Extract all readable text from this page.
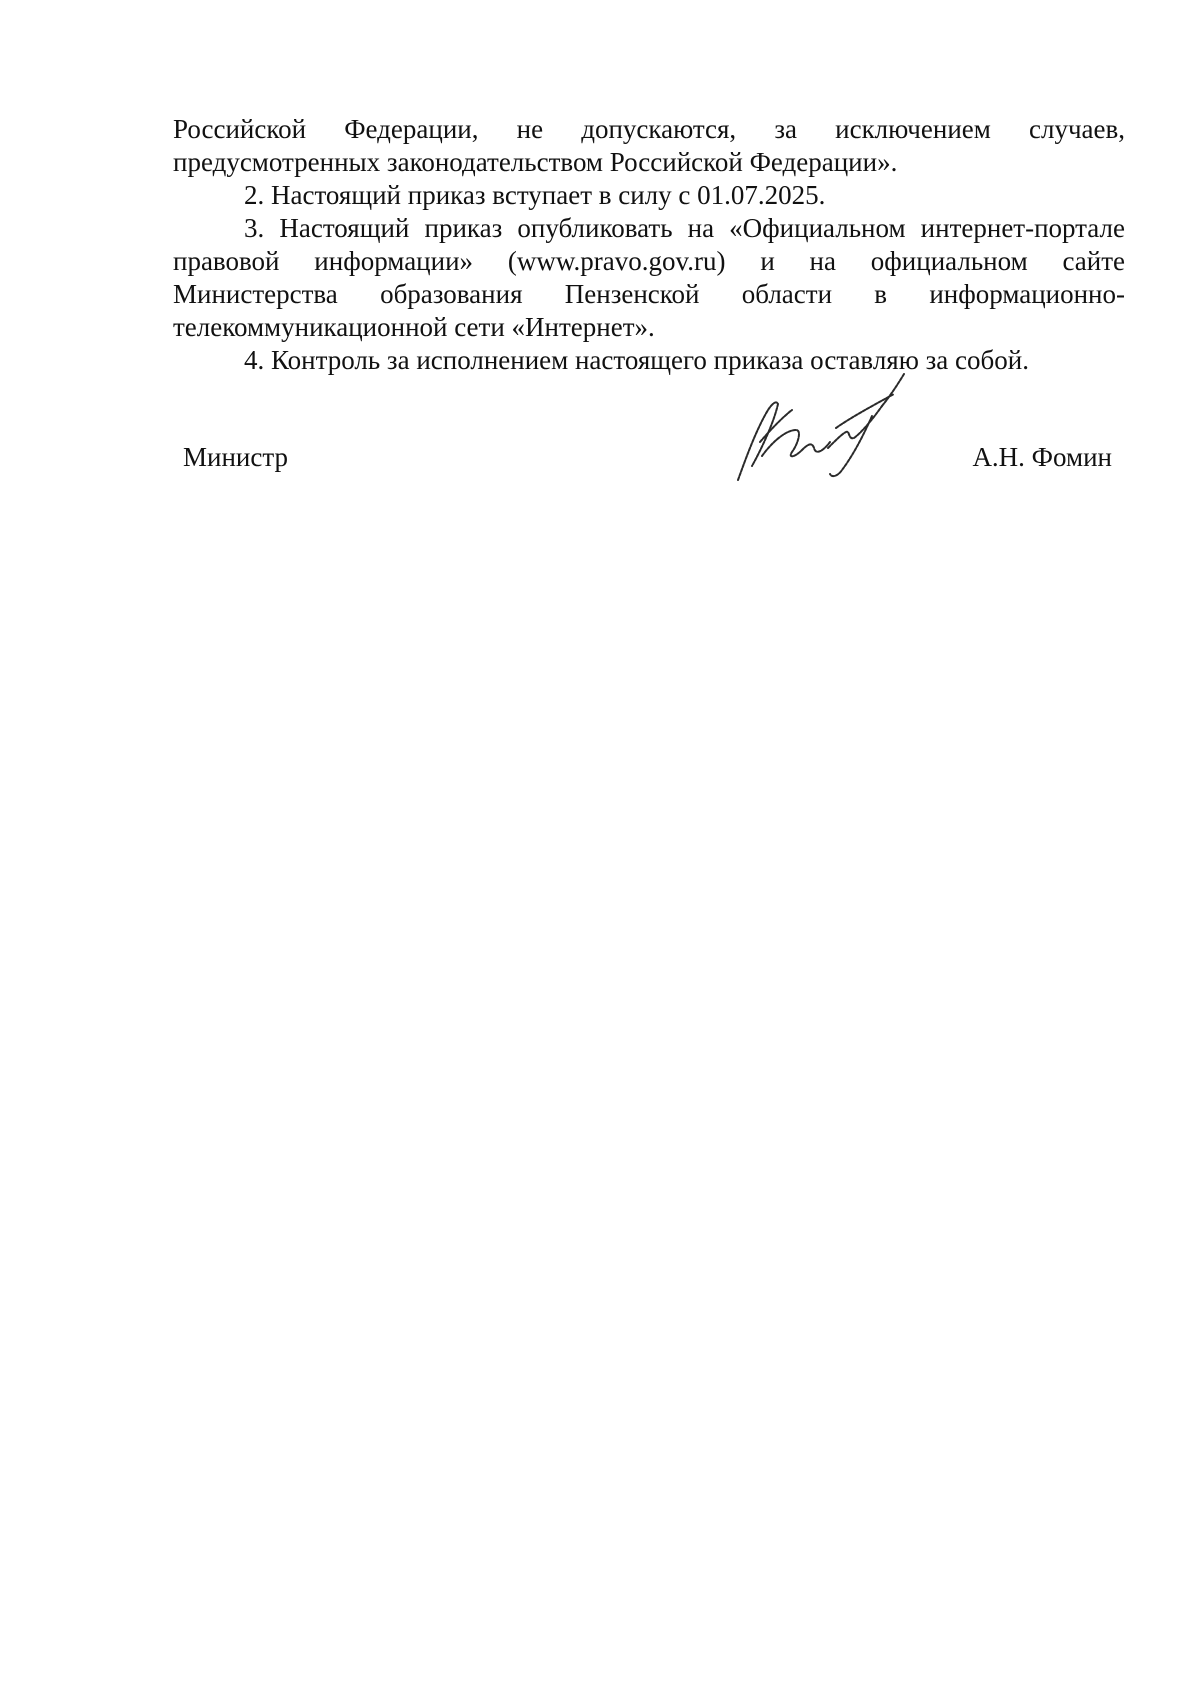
Российской Федерации, не допускаются, за исключением случаев, предусмотренных законодательством Российской Федерации».

2. Настоящий приказ вступает в силу с 01.07.2025.

3. Настоящий приказ опубликовать на «Официальном интернет-портале правовой информации» (www.pravo.gov.ru) и на официальном сайте Министерства образования Пензенской области в информационно-телекоммуникационной сети «Интернет».

4. Контроль за исполнением настоящего приказа оставляю за собой.

Министр	А.Н. Фомин
